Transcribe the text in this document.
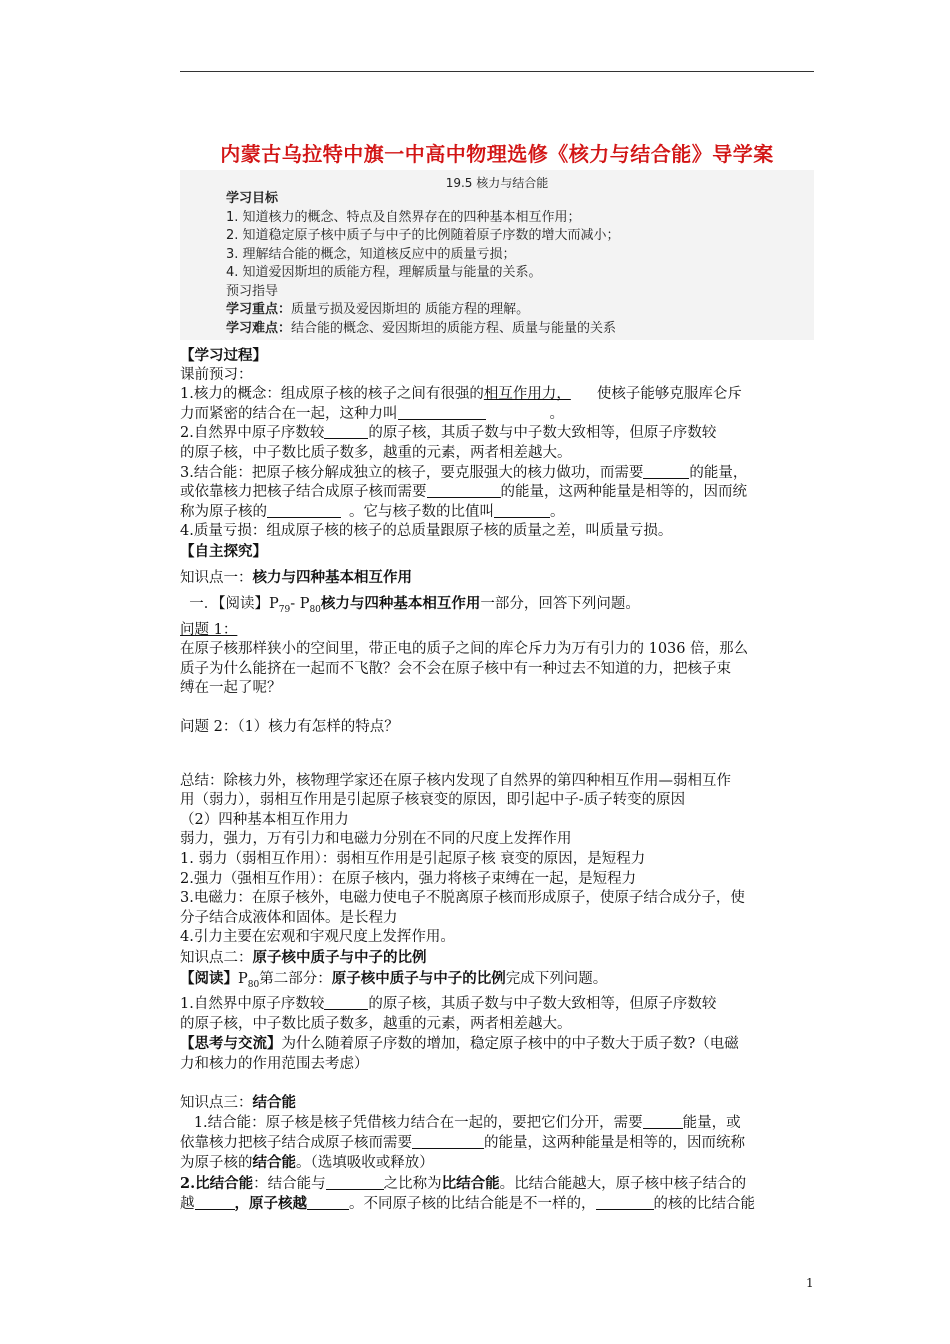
内蒙古乌拉特中旗一中高中物理选修《核力与结合能》导学案
19.5 核力与结合能
学习目标
1. 知道核力的概念、特点及自然界存在的四种基本相互作用；
2. 知道稳定原子核中质子与中子的比例随着原子序数的增大而减小；
3. 理解结合能的概念，知道核反应中的质量亏损；
4. 知道爱因斯坦的质能方程，理解质量与能量的关系。
预习指导
学习重点：质量亏损及爱因斯坦的 质能方程的理解。
学习难点：结合能的概念、爱因斯坦的质能方程、质量与能量的关系

【学习过程】

课前预习：

1.核力的概念：组成原子核的核子之间有很强的相互作用力， 使核子能够克服库仑斥

力而紧密的结合在一起，这种力叫	。

2.自然界中原子序数较	的原子核，其质子数与中子数大致相等，但原子序数较

的原子核，中子数比质子数多，越重的元素，两者相差越大。

3.结合能：把原子核分解成独立的核子，要克服强大的核力做功，而需要	的能量，

或依靠核力把核子结合成原子核而需要	的能量，这两种能量是相等的，因而统

称为原子核的	。它与核子数的比值叫	。

4.质量亏损：组成原子核的核子的总质量跟原子核的质量之差，叫质量亏损。

【自主探究】

知识点一：核力与四种基本相互作用

一．【阅读】$P_{79}-$ $P_{80}$核力与四种基本相互作用一部分，回答下列问题。

问题 1：

在原子核那样狭小的空间里，带正电的质子之间的库仑斥力为万有引力的 1036 倍，那么

质子为什么能挤在一起而不飞散？会不会在原子核中有一种过去不知道的力，把核子束

缚在一起了呢？

问题 2：（1）核力有怎样的特点？

总结：除核力外，核物理学家还在原子核内发现了自然界的第四种相互作用—弱相互作

用（弱力），弱相互作用是引起原子核衰变的原因，即引起中子-质子转变的原因

（2）四种基本相互作用力

弱力，强力，万有引力和电磁力分别在不同的尺度上发挥作用

1. 弱力（弱相互作用）：弱相互作用是引起原子核 衰变的原因，是短程力

2.强力（强相互作用）：在原子核内，强力将核子束缚在一起，是短程力

3.电磁力：在原子核外，电磁力使电子不脱离原子核而形成原子，使原子结合成分子，使

分子结合成液体和固体。是长程力

4.引力主要在宏观和宇观尺度上发挥作用。

知识点二：原子核中质子与中子的比例

【阅读】$P_{80}$第二部分：原子核中质子与中子的比例完成下列问题。

1.自然界中原子序数较	的原子核，其质子数与中子数大致相等，但原子序数较

的原子核，中子数比质子数多，越重的元素，两者相差越大。

【思考与交流】为什么随着原子序数的增加，稳定原子核中的中子数大于质子数?（电磁

力和核力的作用范围去考虑）

知识点三：结合能

1.结合能：原子核是核子凭借核力结合在一起的，要把它们分开，需要	能量，或

依靠核力把核子结合成原子核而需要	的能量，这两种能量是相等的，因而统称

为原子核的结合能。（选填吸收或释放）

2.比结合能：结合能与	之比称为比结合能。比结合能越大，原子核中核子结合的

越	，原子核越	。不同原子核的比结合能是不一样的，	的核的比结合能

1
